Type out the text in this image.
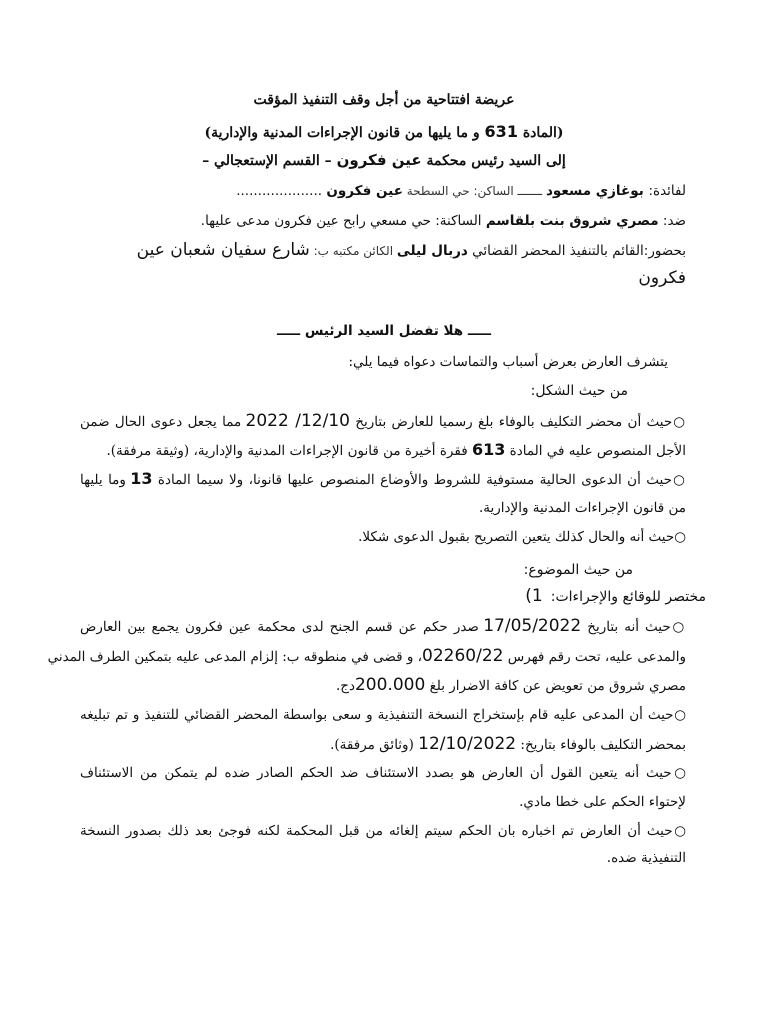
عريضة افتتاحية من أجل وقف التنفيذ المؤقت
(المادة 631 و ما يليها من قانون الإجراءات المدنية والإدارية)
إلى السيد رئيس محكمة عين فكرون – القسم الإستعجالي –
لفائدة: بوغازي مسعود ـــــــ الساكن: حي السطحة عين فكرون ....................
ضد: مصري شروق بنت بلقاسم الساكنة: حي مسعي رابح عين فكرون مدعى عليها.
بحضور:القائم بالتنفيذ المحضر القضائي دربال ليلى الكائن مكتبه ب: شارع سفيان شعبان عين
فكرون
ـــــ هلا تفضل السيد الرئيس ـــــ
يتشرف العارض بعرض أسباب والتماسات دعواه فيما يلي:
من حيث الشكل:
○حيث أن محضر التكليف بالوفاء بلغ رسميا للعارض بتاريخ 12/10/ 2022 مما يجعل دعوى الحال ضمن
الأجل المنصوص عليه في المادة 613 فقرة أخيرة من قانون الإجراءات المدنية والإدارية، (وثيقة مرفقة).
○حيث أن الدعوى الحالية مستوفية للشروط والأوضاع المنصوص عليها قانونا، ولا سيما المادة 13 وما يليها
من قانون الإجراءات المدنية والإدارية.
○حيث أنه والحال كذلك يتعين التصريح بقبول الدعوى شكلا.
من حيث الموضوع:
مختصر للوقائع والإجراءات:1)
○حيث أنه بتاريخ 17/05/2022 صدر حكم عن قسم الجنح لدى محكمة عين فكرون يجمع بين العارض
والمدعى عليه، تحت رقم فهرس 02260/22، و قضى في منطوقه ب: إلزام المدعى عليه بتمكين الطرف المدني
مصري شروق من تعويض عن كافة الاضرار بلغ 200.000دج.
○حيث أن المدعى عليه قام بإستخراج النسخة التنفيذية و سعى بواسطة المحضر القضائي للتنفيذ و تم تبليغه
بمحضر التكليف بالوفاء بتاريخ: 12/10/2022 (وثائق مرفقة).
○حيث أنه يتعين القول أن العارض هو بصدد الاستئناف ضد الحكم الصادر ضده لم يتمكن من الاستئناف
لإحتواء الحكم على خطا مادي.
○حيث أن العارض تم اخباره بان الحكم سيتم إلغائه من قبل المحكمة لكنه فوجئ بعد ذلك بصدور النسخة
التنفيذية ضده.
